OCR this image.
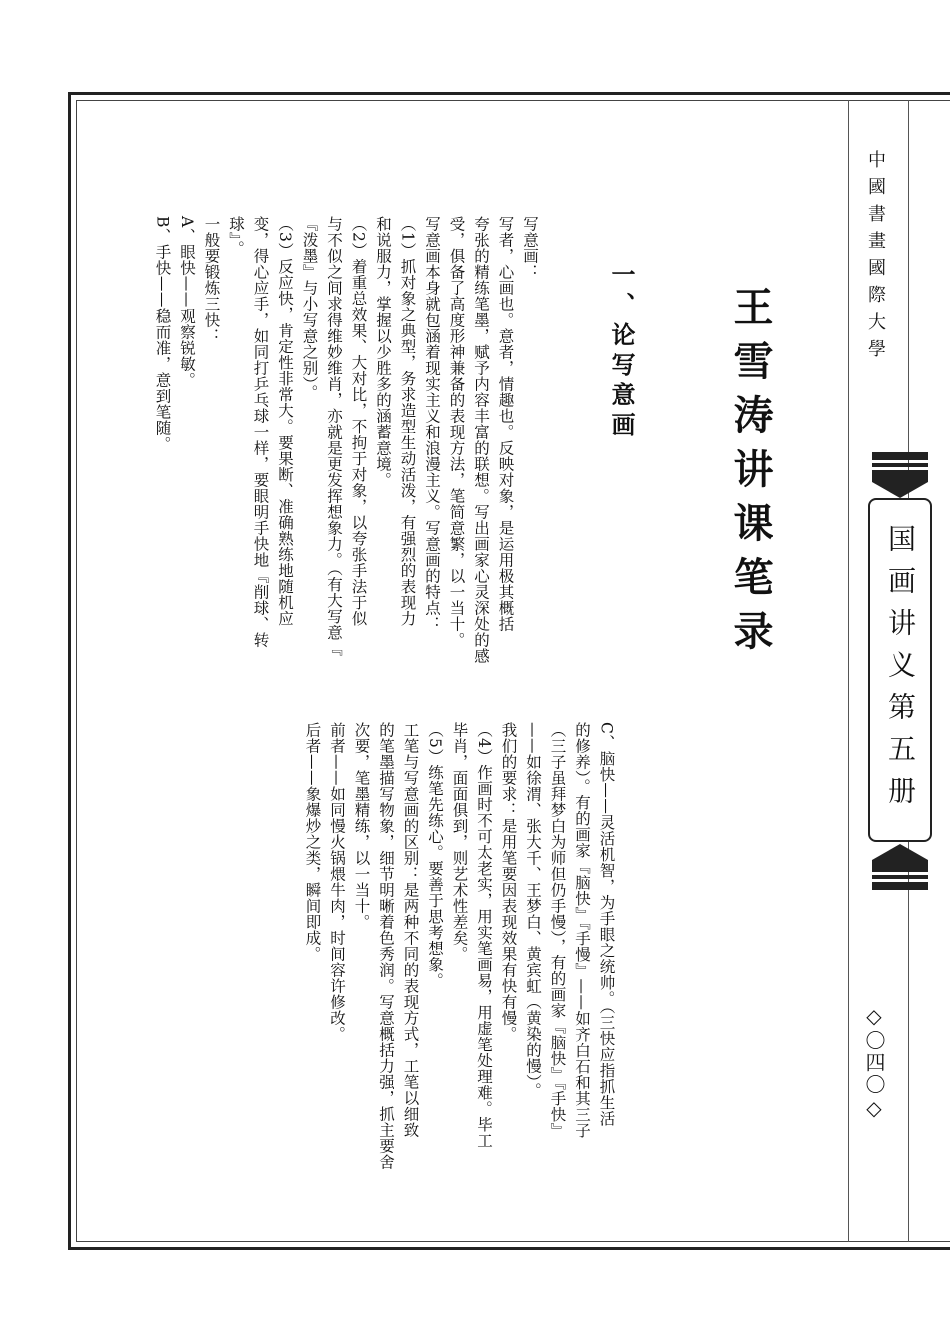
中國書畫國際大學
国画讲义第五册
◇〇四〇◇
王雪涛讲课笔录
一、论写意画
写意画：
写者，心画也。意者，情趣也。反映对象，是运用极其概括
夸张的精练笔墨，赋予内容丰富的联想。写出画家心灵深处的感
受，俱备了高度形神兼备的表现方法，笔简意繁，以一当十。
写意画本身就包涵着现实主义和浪漫主义。写意画的特点：
（1）抓对象之典型，务求造型生动活泼，有强烈的表现力
和说服力，掌握以少胜多的涵蓄意境。
（2）着重总效果、大对比，不拘于对象，以夸张手法于似
与不似之间求得维妙维肖，亦就是更发挥想象力。（有大写意『
『泼墨』与小写意之别）。
（3）反应快，肯定性非常大。要果断、准确熟练地随机应
变，得心应手，如同打乒乓球一样，要眼明手快地『削球、转
球』。
一般要锻炼三快：
A、眼快——观察锐敏。
B、手快——稳而准，意到笔随。
C、脑快——灵活机智，为手眼之统帅。（三快应指抓生活
的修养）。有的画家『脑快』『手慢』——如齐白石和其三子
（三子虽拜梦白为师但仍手慢），有的画家『脑快』『手快』
——如徐渭、张大千、王梦白、黄宾虹（黄染的慢）。
我们的要求：是用笔要因表现效果有快有慢。
（4）作画时不可太老实，用实笔画易，用虚笔处理难。毕工
毕肖，面面俱到，则艺术性差矣。
（5）练笔先练心。要善于思考想象。
工笔与写意画的区别：是两种不同的表现方式，工笔以细致
的笔墨描写物象，细节明晰着色秀润。写意概括力强，抓主要舍
次要，笔墨精练，以一当十。
前者——如同慢火锅煨牛肉，时间容许修改。
后者——象爆炒之类，瞬间即成。
